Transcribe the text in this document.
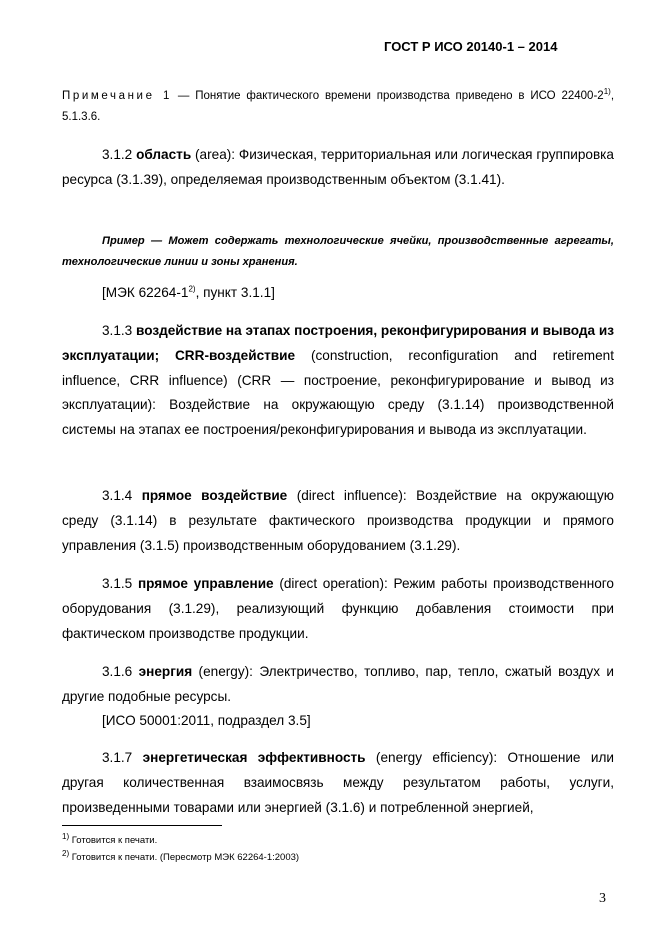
ГОСТ Р ИСО 20140-1 – 2014
Примечание 1 — Понятие фактического времени производства приведено в ИСО 22400-2$^{1)}$, 5.1.3.6.
3.1.2 область (area): Физическая, территориальная или логическая группировка ресурса (3.1.39), определяемая производственным объектом (3.1.41).
Пример — Может содержать технологические ячейки, производственные агрегаты, технологические линии и зоны хранения.
[МЭК 62264-1$^{2)}$, пункт 3.1.1]
3.1.3 воздействие на этапах построения, реконфигурирования и вывода из эксплуатации; CRR-воздействие (construction, reconfiguration and retirement influence, CRR influence) (CRR — построение, реконфигурирование и вывод из эксплуатации): Воздействие на окружающую среду (3.1.14) производственной системы на этапах ее построения/реконфигурирования и вывода из эксплуатации.
3.1.4 прямое воздействие (direct influence): Воздействие на окружающую среду (3.1.14) в результате фактического производства продукции и прямого управления (3.1.5) производственным оборудованием (3.1.29).
3.1.5 прямое управление (direct operation): Режим работы производственного оборудования (3.1.29), реализующий функцию добавления стоимости при фактическом производстве продукции.
3.1.6 энергия (energy): Электричество, топливо, пар, тепло, сжатый воздух и другие подобные ресурсы.
[ИСО 50001:2011, подраздел 3.5]
3.1.7 энергетическая эффективность (energy efficiency): Отношение или другая количественная взаимосвязь между результатом работы, услуги, произведенными товарами или энергией (3.1.6) и потребленной энергией,
$^{1)}$ Готовится к печати.
$^{2)}$ Готовится к печати. (Пересмотр МЭК 62264-1:2003)
3
